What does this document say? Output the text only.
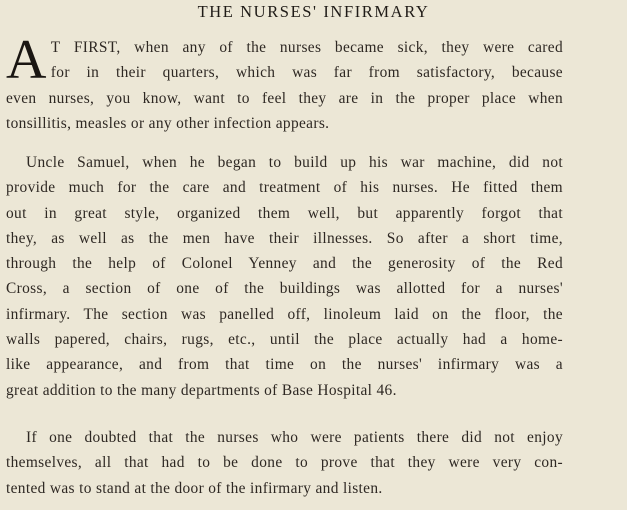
THE NURSES' INFIRMARY
A T FIRST, when any of the nurses became sick, they were cared
for in their quarters, which was far from satisfactory, because
even nurses, you know, want to feel they are in the proper place when
tonsillitis, measles or any other infection appears.
Uncle Samuel, when he began to build up his war machine, did not
provide much for the care and treatment of his nurses. He fitted them
out in great style, organized them well, but apparently forgot that
they, as well as the men have their illnesses. So after a short time,
through the help of Colonel Yenney and the generosity of the Red
Cross, a section of one of the buildings was allotted for a nurses'
infirmary. The section was panelled off, linoleum laid on the floor, the
walls papered, chairs, rugs, etc., until the place actually had a home-
like appearance, and from that time on the nurses' infirmary was a
great addition to the many departments of Base Hospital 46.
If one doubted that the nurses who were patients there did not enjoy
themselves, all that had to be done to prove that they were very con-
tented was to stand at the door of the infirmary and listen.
